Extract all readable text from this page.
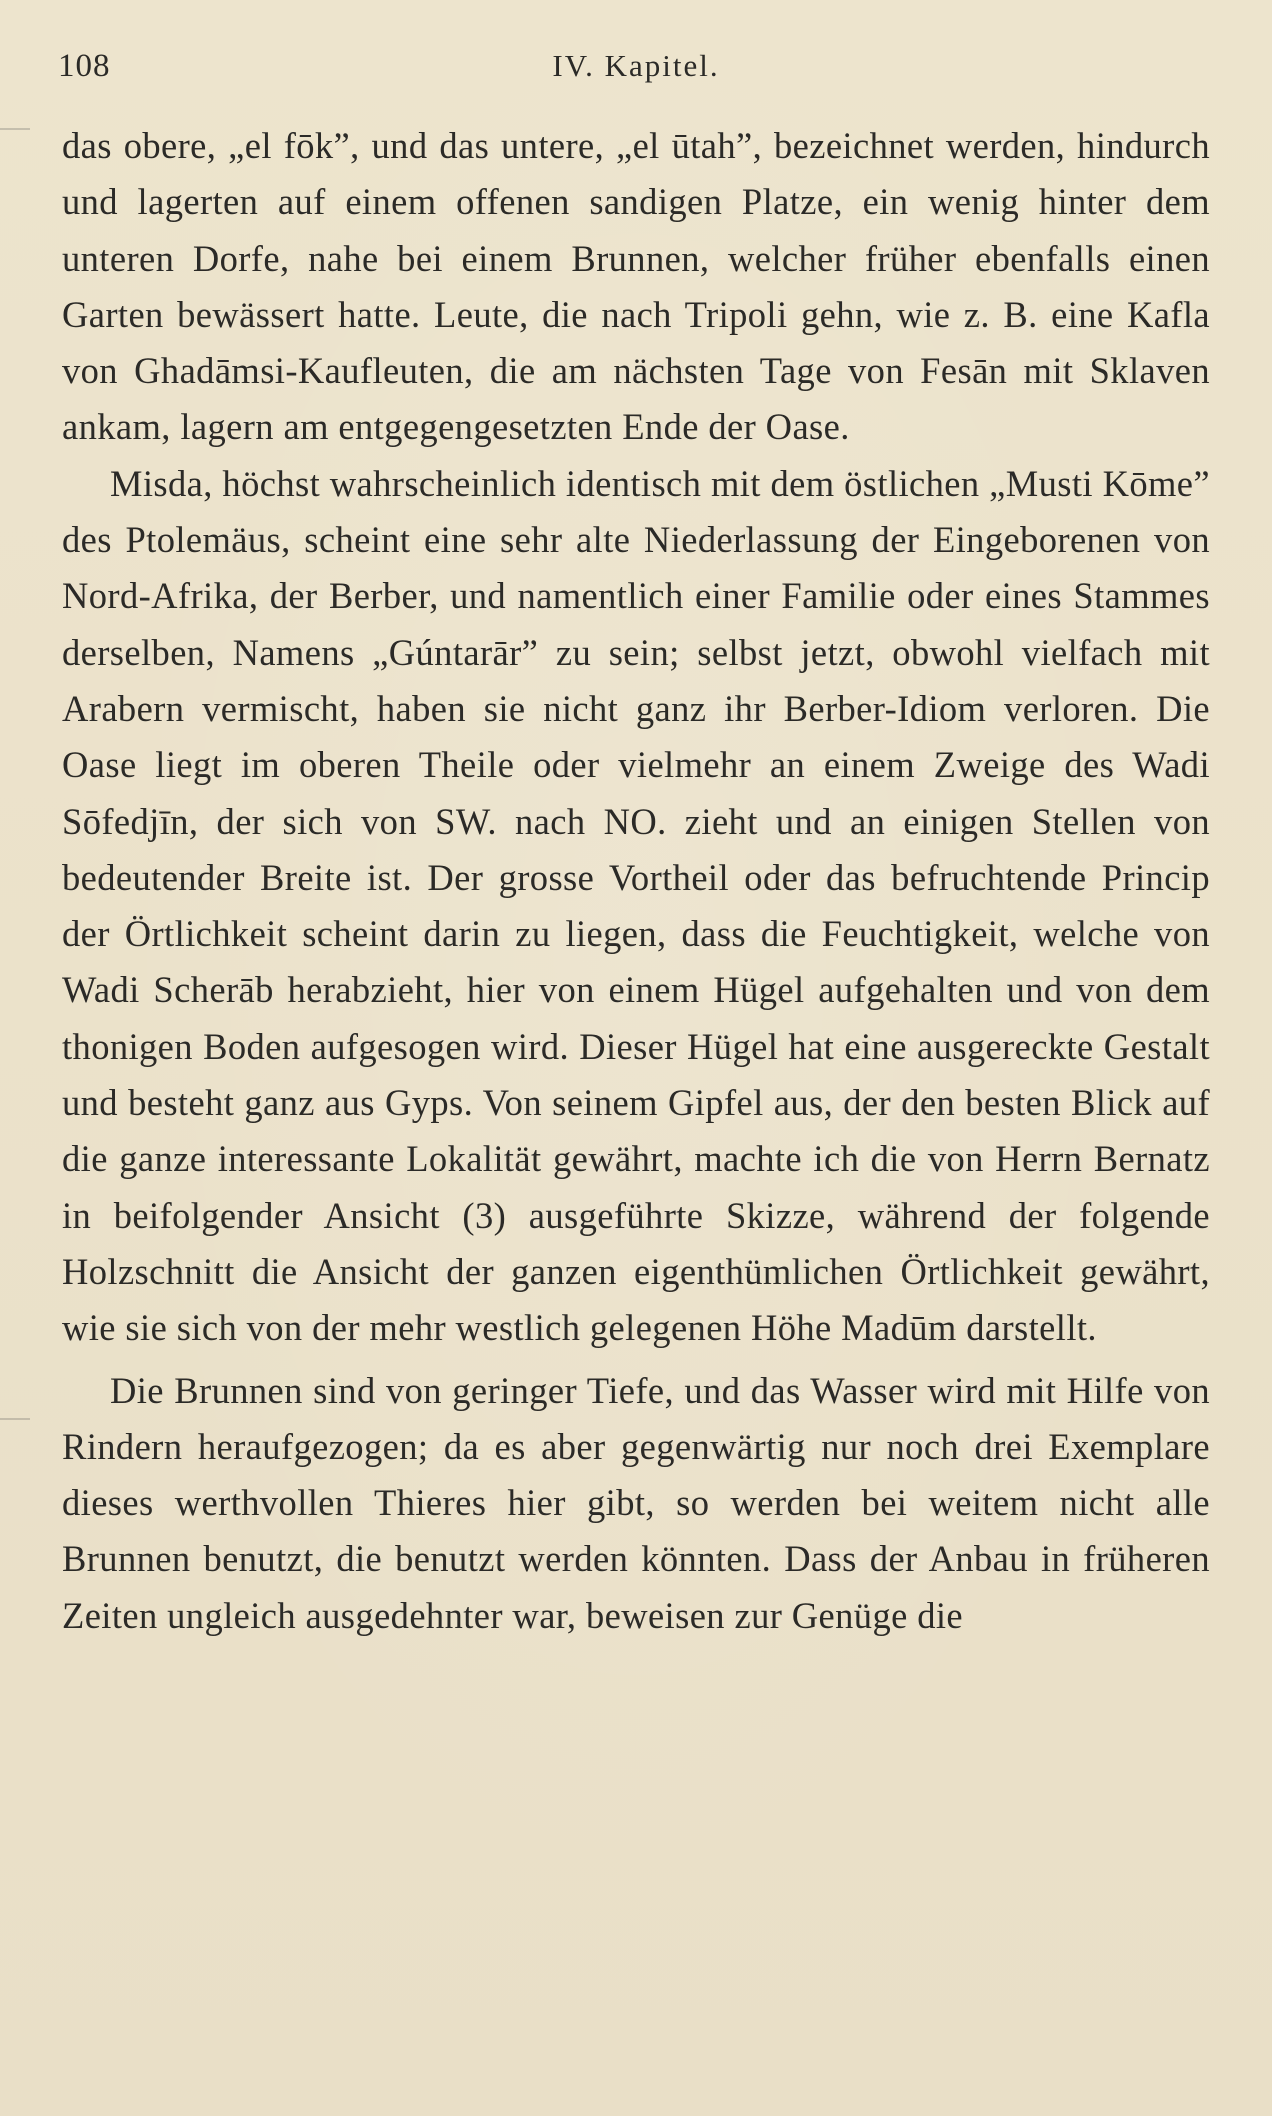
108	IV. Kapitel.

das obere, „el fōk”, und das untere, „el ūtah”, bezeichnet werden, hindurch und lagerten auf einem offenen sandigen Platze, ein wenig hinter dem unteren Dorfe, nahe bei einem Brunnen, welcher früher ebenfalls einen Garten bewässert hatte. Leute, die nach Tripoli gehn, wie z. B. eine Kafla von Ghadāmsi-Kaufleuten, die am nächsten Tage von Fesān mit Sklaven ankam, lagern am entgegengesetzten Ende der Oase.

Misda, höchst wahrscheinlich identisch mit dem östlichen „Musti Kōme” des Ptolemäus, scheint eine sehr alte Niederlassung der Eingeborenen von Nord-Afrika, der Berber, und namentlich einer Familie oder eines Stammes derselben, Namens „Gúntarār” zu sein; selbst jetzt, obwohl vielfach mit Arabern vermischt, haben sie nicht ganz ihr Berber-Idiom verloren. Die Oase liegt im oberen Theile oder vielmehr an einem Zweige des Wadi Sōfedjīn, der sich von SW. nach NO. zieht und an einigen Stellen von bedeutender Breite ist. Der grosse Vortheil oder das befruchtende Princip der Örtlichkeit scheint darin zu liegen, dass die Feuchtigkeit, welche von Wadi Scherāb herabzieht, hier von einem Hügel aufgehalten und von dem thonigen Boden aufgesogen wird. Dieser Hügel hat eine ausgereckte Gestalt und besteht ganz aus Gyps. Von seinem Gipfel aus, der den besten Blick auf die ganze interessante Lokalität gewährt, machte ich die von Herrn Bernatz in beifolgender Ansicht (3) ausgeführte Skizze, während der folgende Holzschnitt die Ansicht der ganzen eigenthümlichen Örtlichkeit gewährt, wie sie sich von der mehr westlich gelegenen Höhe Madūm darstellt.

Die Brunnen sind von geringer Tiefe, und das Wasser wird mit Hilfe von Rindern heraufgezogen; da es aber gegenwärtig nur noch drei Exemplare dieses werthvollen Thieres hier gibt, so werden bei weitem nicht alle Brunnen benutzt, die benutzt werden könnten. Dass der Anbau in früheren Zeiten ungleich ausgedehnter war, beweisen zur Genüge die
